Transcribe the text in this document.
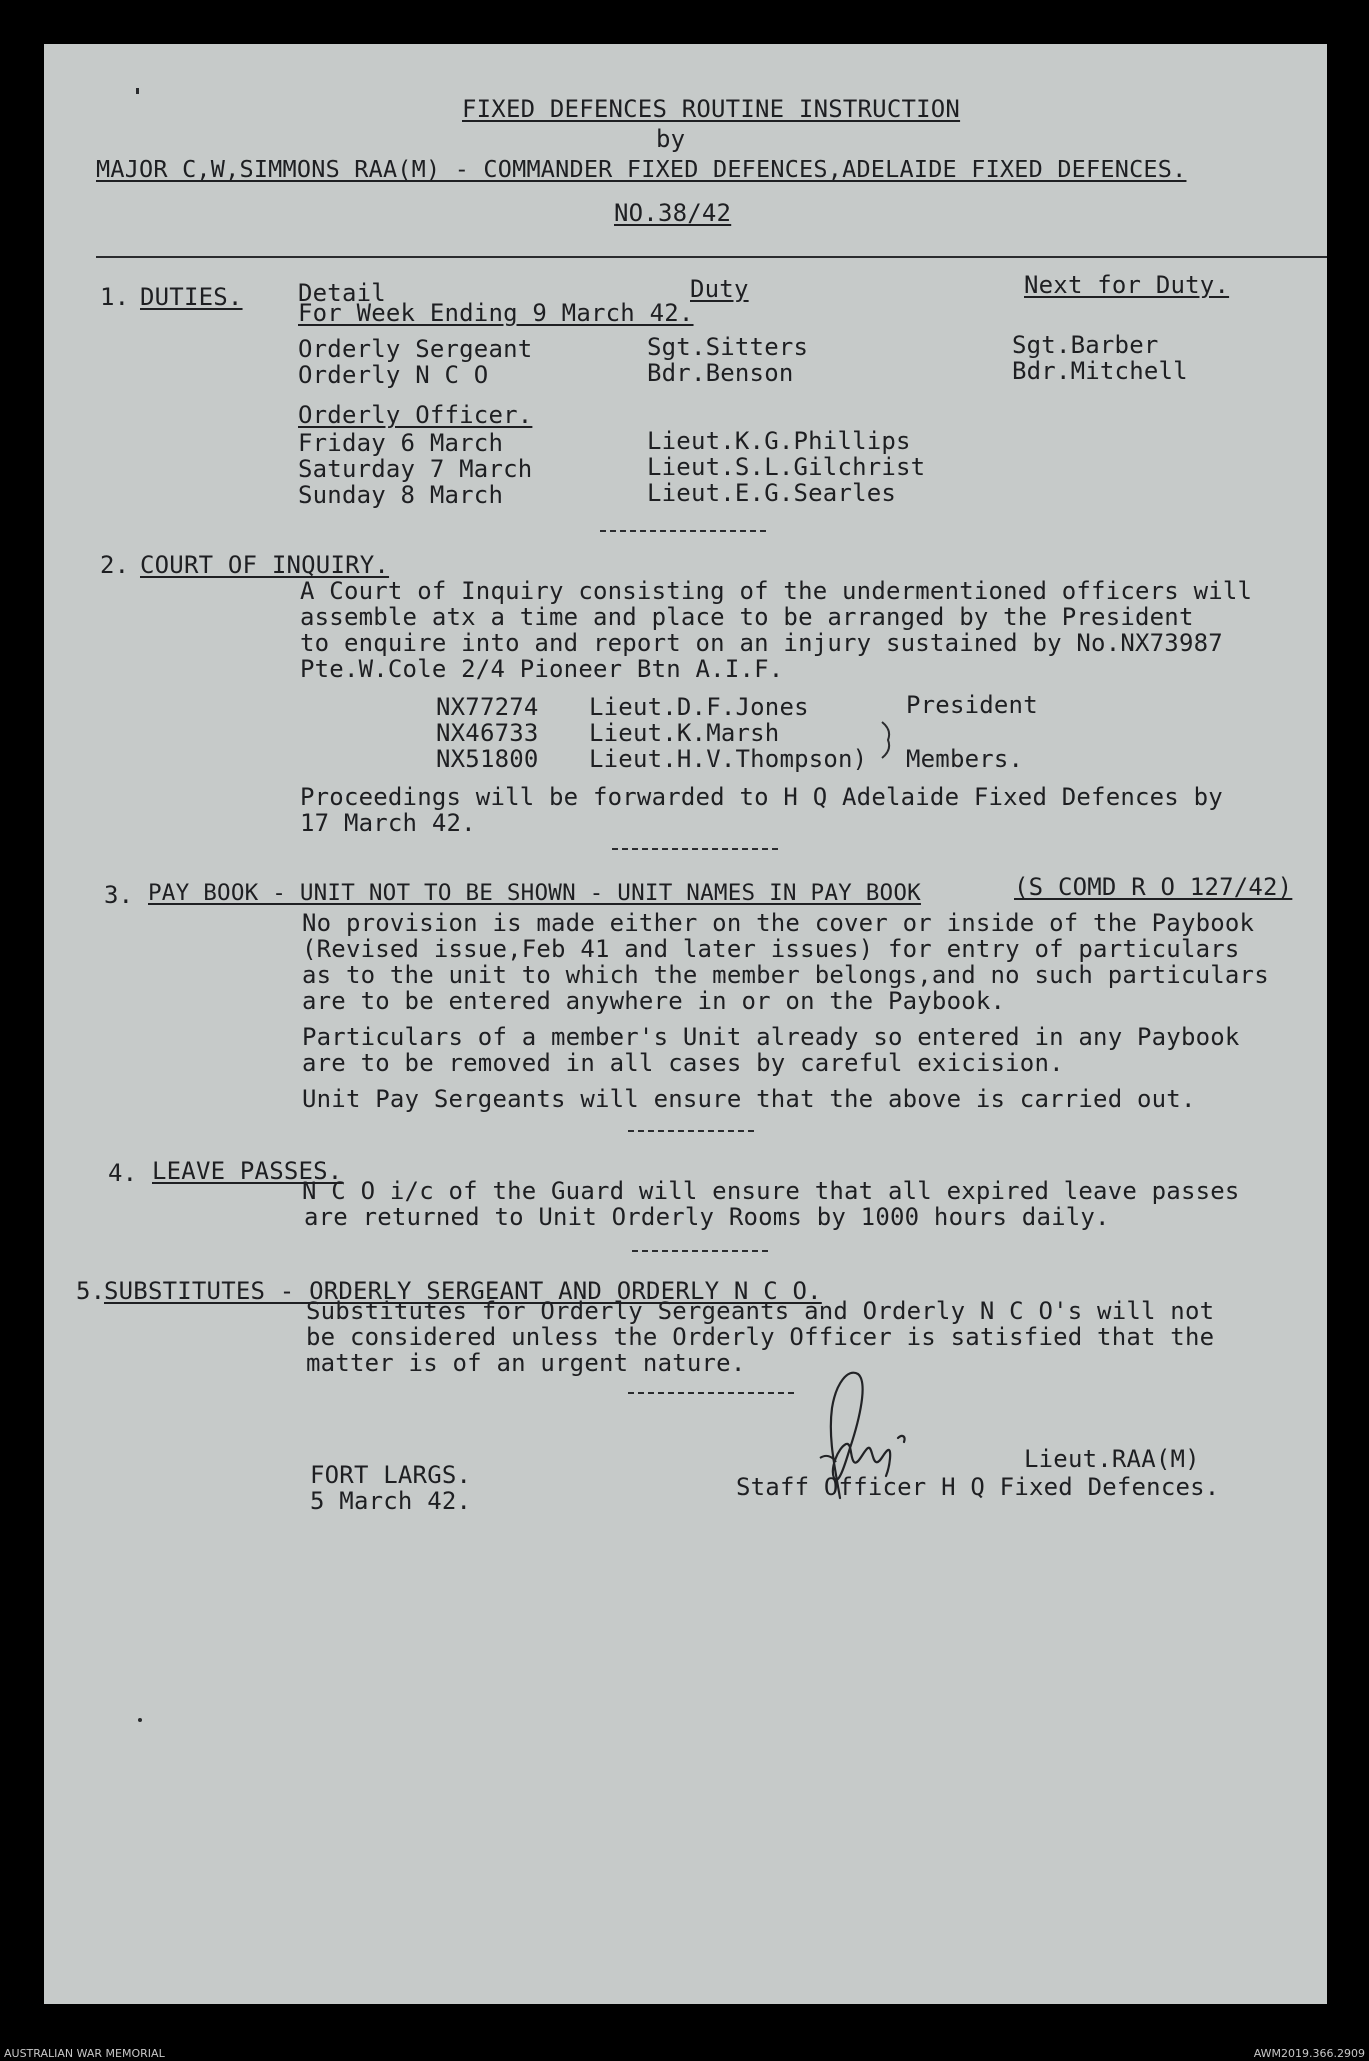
FIXED DEFENCES ROUTINE INSTRUCTION
by
MAJOR C,W,SIMMONS RAA(M) - COMMANDER FIXED DEFENCES,ADELAIDE FIXED DEFENCES.
NO.38/42
1. DUTIES. Detail	Duty	Next for Duty.
For Week Ending 9 March 42.
Orderly Sergeant	Sgt.Sitters	Sgt.Barber
Orderly N C O	Bdr.Benson	Bdr.Mitchell
Orderly Officer.
Friday 6 March	Lieut.K.G.Phillips
Saturday 7 March	Lieut.S.L.Gilchrist
Sunday 8 March	Lieut.E.G.Searles
2. COURT OF INQUIRY.
A Court of Inquiry consisting of the undermentioned officers will
assemble atx a time and place to be arranged by the President
to enquire into and report on an injury sustained by No.NX73987
Pte.W.Cole 2/4 Pioneer Btn A.I.F.
NX77274 Lieut.D.F.Jones	President
NX46733 Lieut.K.Marsh
NX51800 Lieut.H.V.Thompson) Members.
Proceedings will be forwarded to H Q Adelaide Fixed Defences by
17 March 42.
3. PAY BOOK - UNIT NOT TO BE SHOWN - UNIT NAMES IN PAY BOOK	(S COMD R O 127/42)
No provision is made either on the cover or inside of the Paybook
(Revised issue,Feb 41 and later issues) for entry of particulars
as to the unit to which the member belongs,and no such particulars
are to be entered anywhere in or on the Paybook.
Particulars of a member's Unit already so entered in any Paybook
are to be removed in all cases by careful exicision.
Unit Pay Sergeants will ensure that the above is carried out.
4. LEAVE PASSES.
N C O i/c of the Guard will ensure that all expired leave passes
are returned to Unit Orderly Rooms by 1000 hours daily.
5.
SUBSTITUTES - ORDERLY SERGEANT AND ORDERLY N C O.
Substitutes for Orderly Sergeants and Orderly N C O's will not
be considered unless the Orderly Officer is satisfied that the
matter is of an urgent nature.
FORT LARGS.
5 March 42.
Lieut.RAA(M)
Staff Officer H Q Fixed Defences.
AUSTRALIAN WAR MEMORIAL	AWM2019.366.2909
